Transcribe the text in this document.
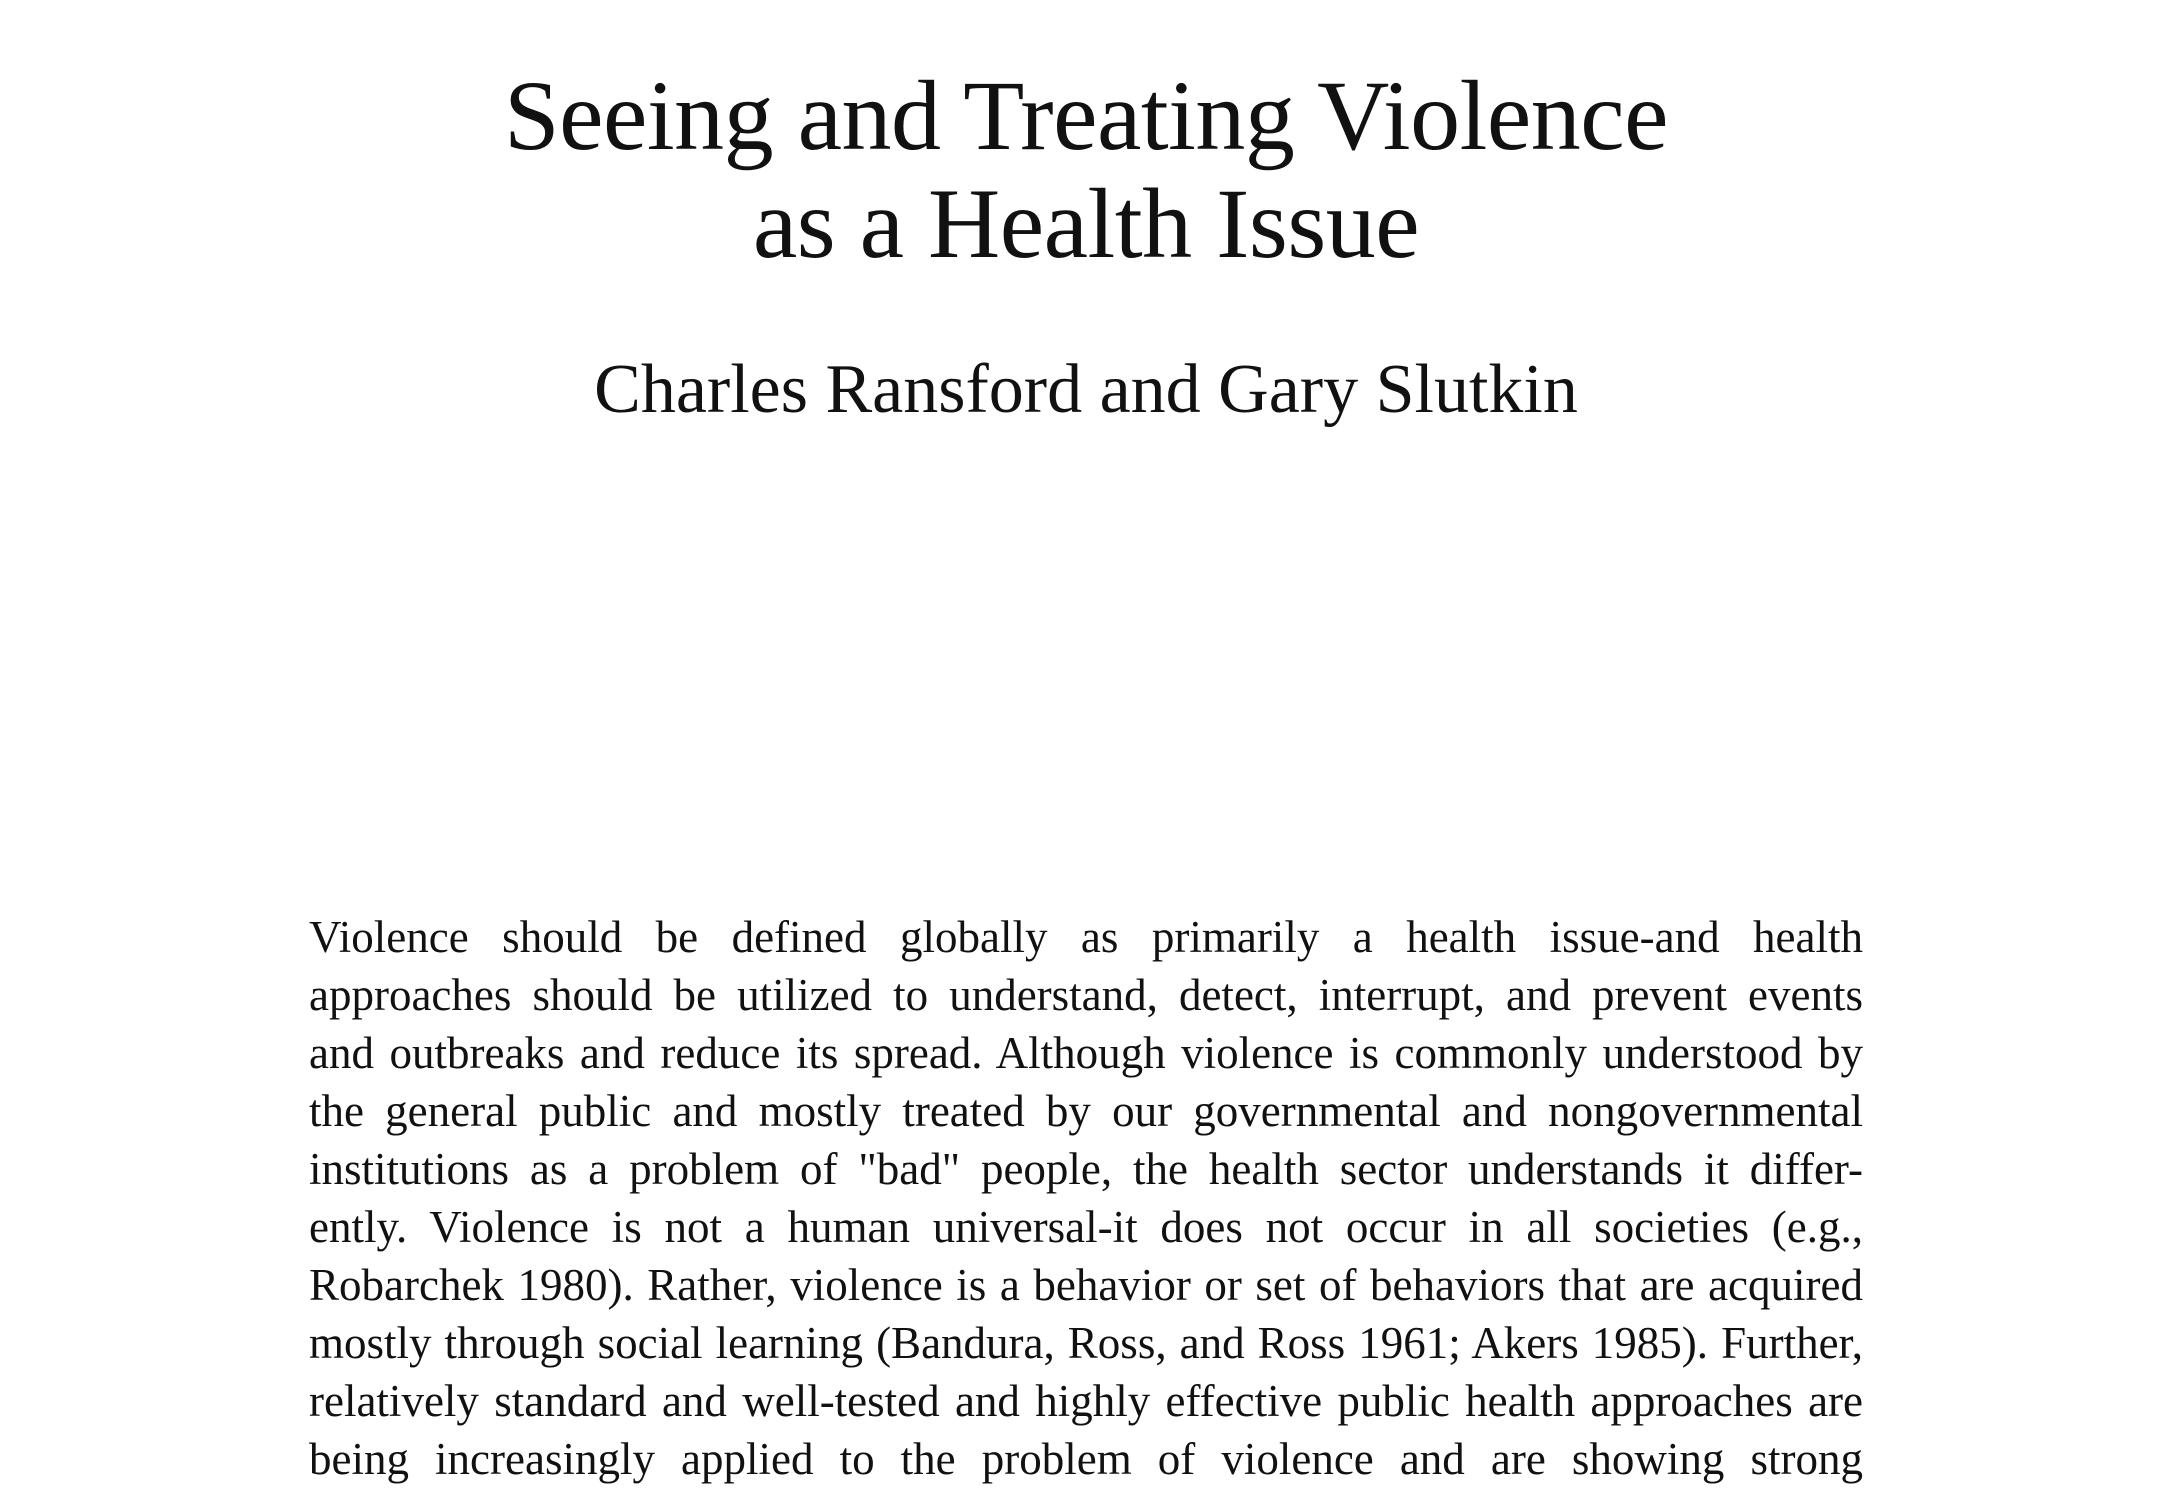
Seeing and Treating Violence
as a Health Issue
Charles Ransford and Gary Slutkin
Violence should be defined globally as primarily a health issue-and health
approaches should be utilized to understand, detect, interrupt, and prevent events
and outbreaks and reduce its spread. Although violence is commonly understood by
the general public and mostly treated by our governmental and nongovernmental
institutions as a problem of "bad" people, the health sector understands it differ-
ently. Violence is not a human universal-it does not occur in all societies (e.g.,
Robarchek 1980). Rather, violence is a behavior or set of behaviors that are acquired
mostly through social learning (Bandura, Ross, and Ross 1961; Akers 1985). Further,
relatively standard and well-tested and highly effective public health approaches are
being increasingly applied to the problem of violence and are showing strong
